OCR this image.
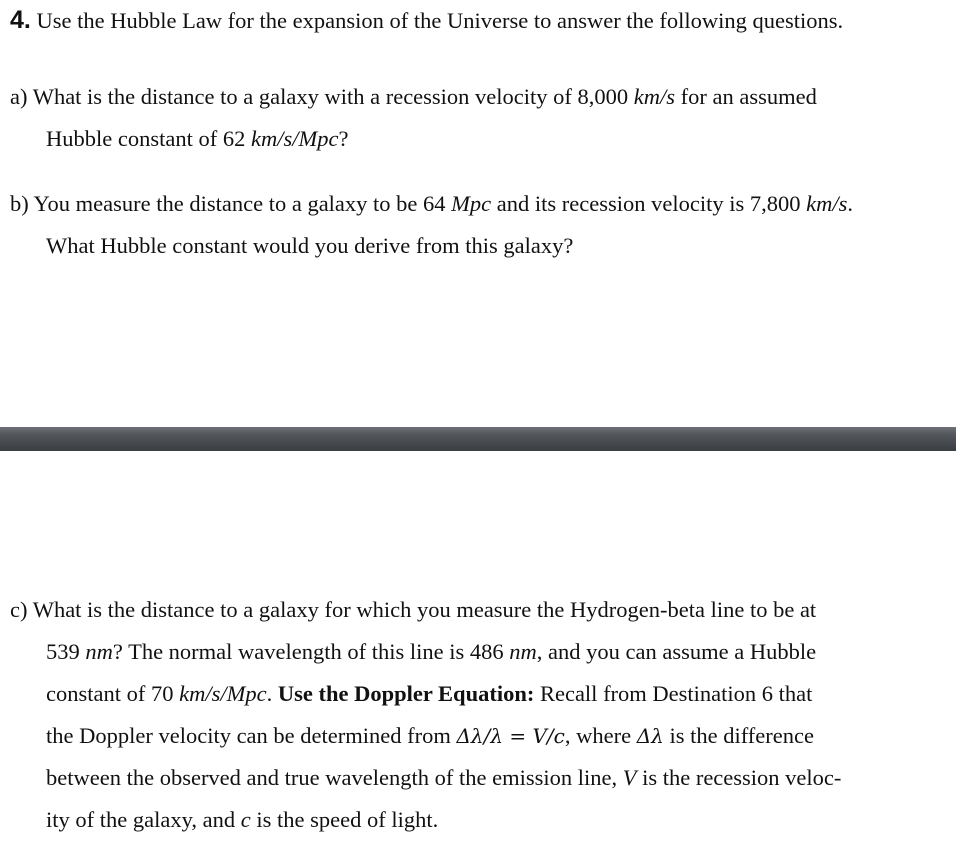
4. Use the Hubble Law for the expansion of the Universe to answer the following questions.
a) What is the distance to a galaxy with a recession velocity of 8,000 km/s for an assumed
Hubble constant of 62 km/s/Mpc?
b) You measure the distance to a galaxy to be 64 Mpc and its recession velocity is 7,800 km/s.
What Hubble constant would you derive from this galaxy?
c) What is the distance to a galaxy for which you measure the Hydrogen-beta line to be at
539 nm? The normal wavelength of this line is 486 nm, and you can assume a Hubble
constant of 70 km/s/Mpc. Use the Doppler Equation: Recall from Destination 6 that
the Doppler velocity can be determined from Δλ/λ = V/c, where Δλ is the difference
between the observed and true wavelength of the emission line, V is the recession veloc-
ity of the galaxy, and c is the speed of light.
